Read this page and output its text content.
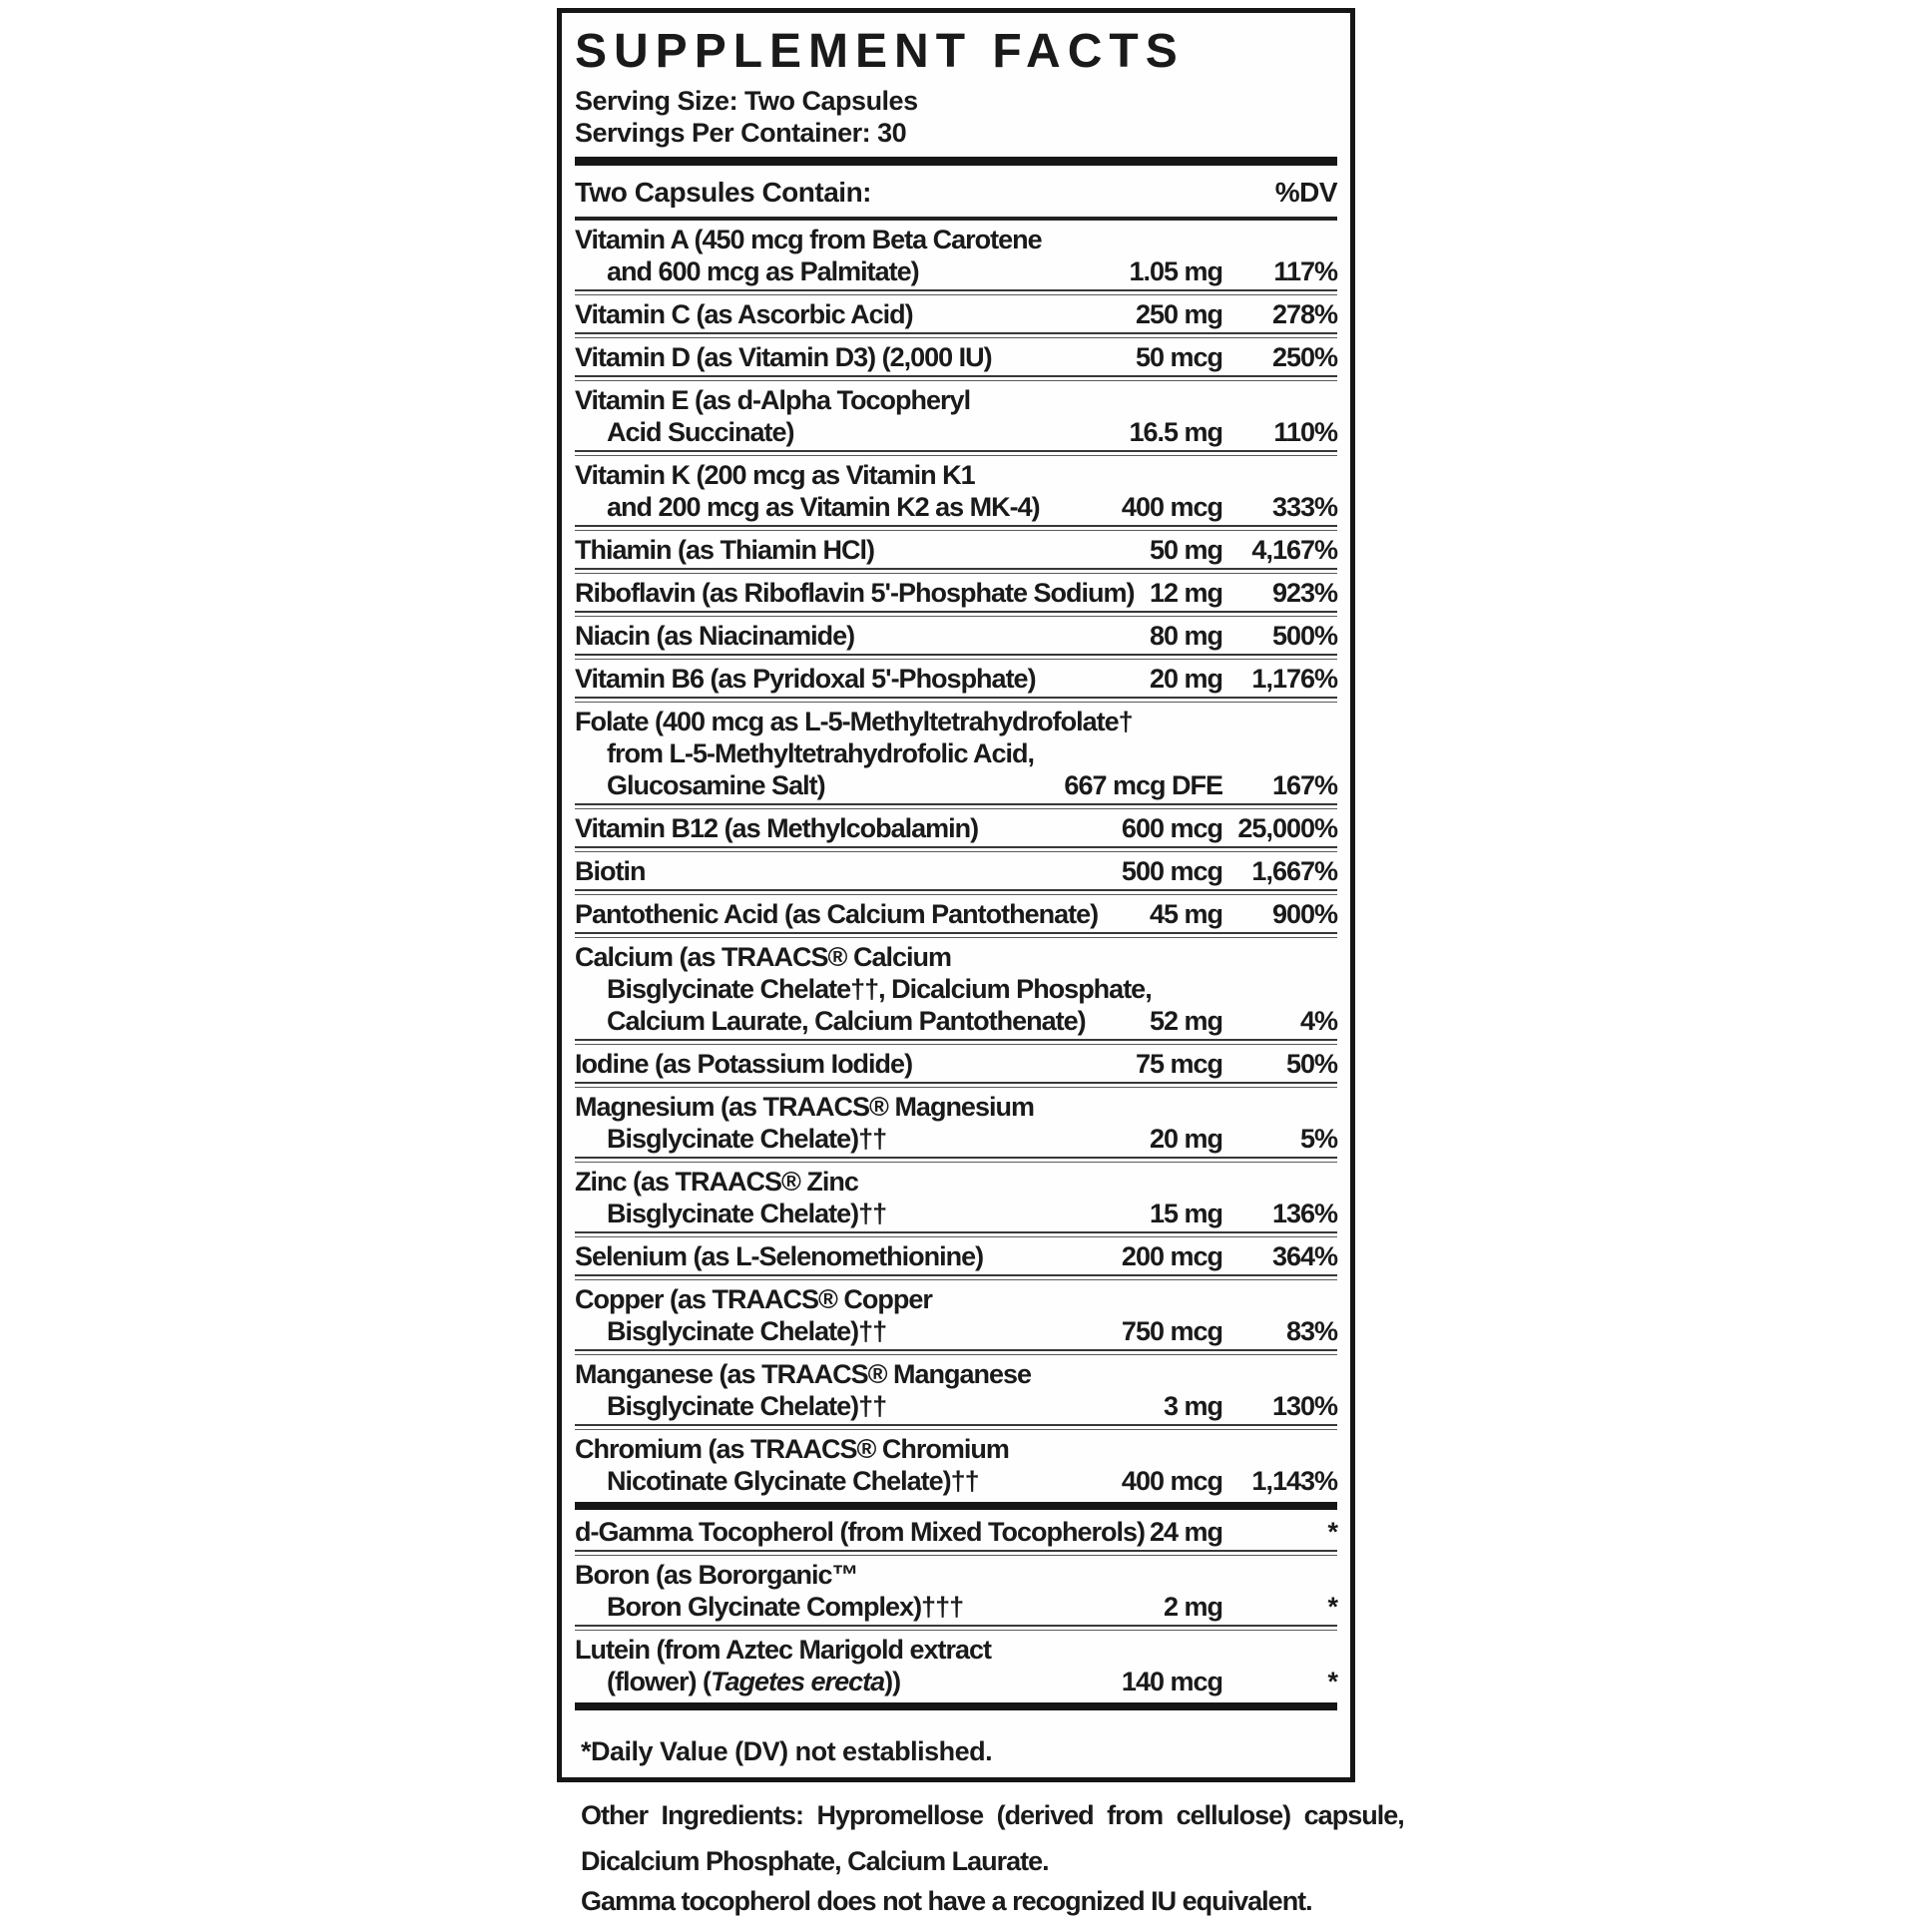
SUPPLEMENT FACTS
Serving Size: Two Capsules
Servings Per Container: 30
Two Capsules Contain:	%DV
Vitamin A (450 mcg from Beta Carotene
and 600 mcg as Palmitate)	1.05 mg 117%
Vitamin C (as Ascorbic Acid)	250 mg 278%
Vitamin D (as Vitamin D3) (2,000 IU)	50 mcg 250%
Vitamin E (as d-Alpha Tocopheryl
Acid Succinate)	16.5 mg 110%
Vitamin K (200 mcg as Vitamin K1
and 200 mcg as Vitamin K2 as MK-4)	400 mcg 333%
Thiamin (as Thiamin HCl)	50 mg 4,167%
Riboflavin (as Riboflavin 5'-Phosphate Sodium) 12 mg 923%
Niacin (as Niacinamide)	80 mg 500%
Vitamin B6 (as Pyridoxal 5'-Phosphate)	20 mg 1,176%
Folate (400 mcg as L-5-Methyltetrahydrofolate†
from L-5-Methyltetrahydrofolic Acid,
Glucosamine Salt)	667 mcg DFE 167%
Vitamin B12 (as Methylcobalamin)	600 mcg 25,000%
Biotin	500 mcg 1,667%
Pantothenic Acid (as Calcium Pantothenate)	45 mg 900%
Calcium (as TRAACS® Calcium
Bisglycinate Chelate††, Dicalcium Phosphate,
Calcium Laurate, Calcium Pantothenate)	52 mg	4%
Iodine (as Potassium Iodide)	75 mcg 50%
Magnesium (as TRAACS® Magnesium
Bisglycinate Chelate)††	20 mg	5%
Zinc (as TRAACS® Zinc
Bisglycinate Chelate)††	15 mg 136%
Selenium (as L-Selenomethionine)	200 mcg 364%
Copper (as TRAACS® Copper
Bisglycinate Chelate)††	750 mcg 83%
Manganese (as TRAACS® Manganese
Bisglycinate Chelate)††	3 mg 130%
Chromium (as TRAACS® Chromium
Nicotinate Glycinate Chelate)††	400 mcg 1,143%
d-Gamma Tocopherol (from Mixed Tocopherols) 24 mg	*
Boron (as Bororganic™
Boron Glycinate Complex)†††	2 mg	*
Lutein (from Aztec Marigold extract
(flower) (Tagetes erecta))	140 mcg	*
*Daily Value (DV) not established.

Other Ingredients: Hypromellose (derived from cellulose) capsule,
Dicalcium Phosphate, Calcium Laurate.

Gamma tocopherol does not have a recognized IU equivalent.
